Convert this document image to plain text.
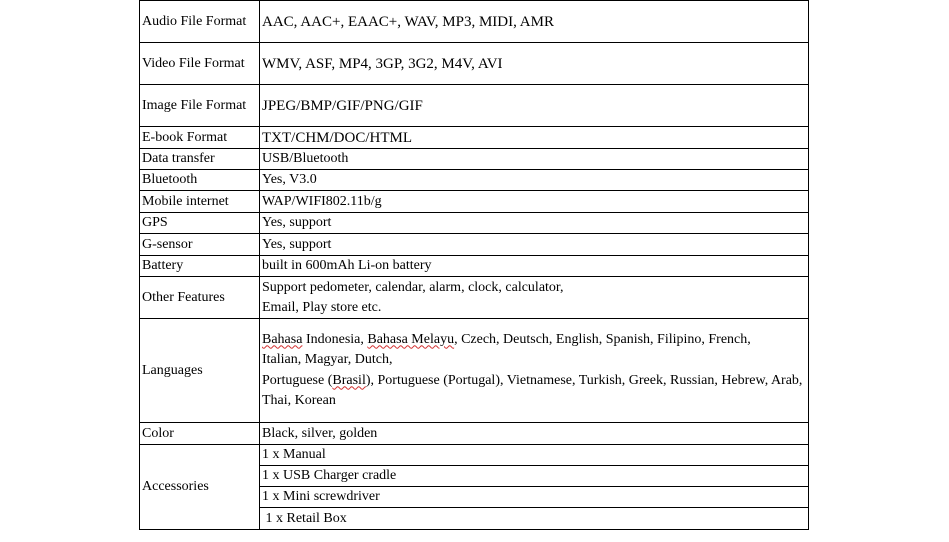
Audio File Format	AAC, AAC+, EAAC+, WAV, MP3, MIDI, AMR
Video File Format	WMV, ASF, MP4, 3GP, 3G2, M4V, AVI
Image File Format	JPEG/BMP/GIF/PNG/GIF
E-book Format	TXT/CHM/DOC/HTML
Data transfer	USB/Bluetooth
Bluetooth	Yes, V3.0
Mobile internet	WAP/WIFI802.11b/g
GPS	Yes, support
G-sensor	Yes, support
Battery	built in 600mAh Li-on battery
Other Features	Support pedometer, calendar, alarm, clock, calculator,
Email, Play store etc.

Languages	Bahasa Indonesia, Bahasa Melayu, Czech, Deutsch, English, Spanish, Filipino, French,
Italian, Magyar, Dutch,
Portuguese (Brasil), Portuguese (Portugal), Vietnamese, Turkish, Greek, Russian, Hebrew, Arab, Thai, Korean

Color	Black, silver, golden
Accessories	1 x Manual
	1 x USB Charger cradle
	1 x Mini screwdriver
	1 x Retail Box
